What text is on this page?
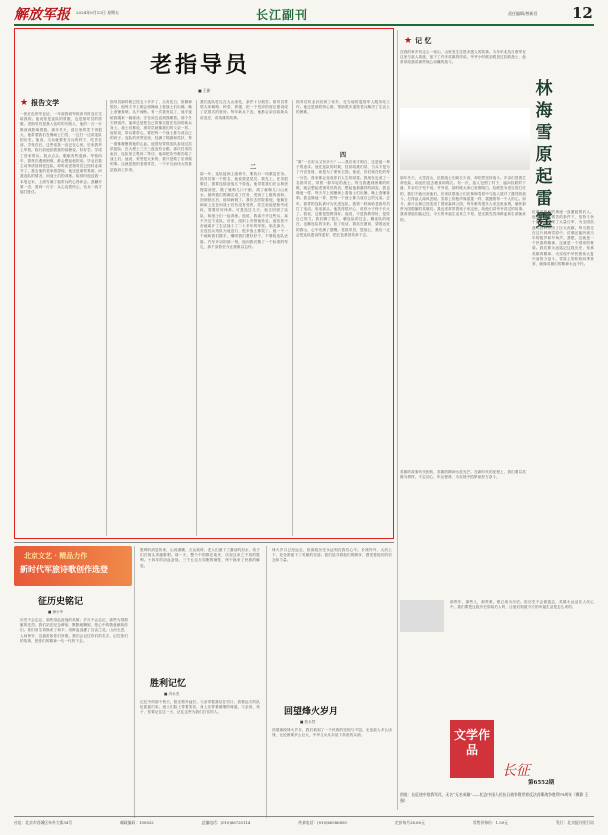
解放军报 2024年9月13日 星期五	长江副刊	责任编辑/曾新君 12
老指导员
■ 王新
★ 报告文学
一张红色的毕业证，一年前我到军校读书时连长交给我的。他说你是连队的骄傲，也是指导员的骄傲。老指导员是我入伍时的引路人，他的一言一行都深深影响着我。那年冬天，营区里的雪下得很大，他带着我们在操场上扫雪，一边扫一边讲连队的历史。他说，当兵就要有当兵的样子，吃苦在前，享受在后。这些话我一直记在心里。后来我考上军校，临行前他拍着我的肩膀说，好好学，学成了回来带兵。我点点头，眼眶有些湿润。军校四年，我每次遇到困难，都会想起他的话。毕业后我主动申请回到老连队，却听说老指导员已经转业离开了。我去他的老家看望他，他还是那样爽朗，问我连队的情况，问战士们的训练。临别时他送我一本笔记本，上面写满了他带兵的心得体会。我翻开第一页，看到一行字：兵心连着民心，官兵一致才能打胜仗。
指导员那时候已经五十多岁了，头发花白，但精神很好。他每天早上都会到操场上看战士们出操，晚上查铺查哨，从不间断。有一次我发烧了，他半夜给我端来一碗姜汤，守在床边直到我睡着。那个冬天特别冷，他却总是把自己的棉衣披在站岗的新兵身上。战士们都说，指导员就像我们的父亲一样。他常说，带兵要带心，要把每一个战士都当成自己的孩子。连队的荣誉室里，挂满了锦旗和奖状，每一面都凝聚着他的心血。他曾经带领连队参加过抗洪抢险，在大堤上三天三夜没有合眼。那次任务结束后，连队荣立集体二等功，他却把功劳都归给了战士们。他说，荣誉是大家的，我只是做了应该做的事。这就是我的老指导员，一个平凡而伟大的基层政治工作者。	二
我们连队驻扎在大山深处，条件十分艰苦。指导员带领大家修路、种菜、养猪，把一个荒凉的营区建设成了花园式的营房。每年新兵下连，他都会亲自给新兵讲连史，讲英雄的故事。
那一年，连队接到上级命令，要执行一项紧急任务。指导员第一个报名，他说我是党员，我先上。任务很艰巨，需要连续奋战几个昼夜。他带着我们在山林里搜索前进，饿了就啃几口干粮，渴了就喝几口山泉水。最终我们圆满完成了任务，受到了上级的表彰。回到营区后，他却病倒了。我们去医院看他，他躺在病床上还在问战士们有没有受伤。医生说他是积劳成疾，需要好好休养。可是没过几天，他又回到了连队，和战士们一起训练。他说，我离不开这些兵，离不开这个连队。后来，组织上安排他转业，他依依不舍地离开了生活战斗了二十多年的军营。临走那天，全连官兵列队为他送行，很多战士都哭了。他一个一个地和我们握手，嘱咐我们要好好干，不要给连队丢脸。汽车开动的那一刻，他向我们敬了一个标准的军礼，那个身影至今让我难以忘怀。
四
指导员转业后回到了家乡，在当地的退役军人服务站工作。他还是那样热心肠，帮助很多退役老兵解决了生活上的困难。
“做”一名好兵又有多少？——我后来才明白，这是他一辈子的追求。他在连队的时候，经常给我们讲，当兵不是为了升官发财，而是为了保家卫国。他说，你们现在吃的每一分苦，将来都会变成你们人生的财富。我现在也成了一名指导员，带着一群年轻的战士。每当我遇到困难的时候，就会想起老指导员的话，想起他那慈祥的面容。我也像他一样，每天早上到操场上看战士们出操，晚上查铺查哨。我也像他一样，把每一个战士都当成自己的兄弟。去年，我带的连队被评为先进连队，我第一时间给老指导员打了电话。电话那头，他笑得很开心，说你小子终于长大了。我说，这都是您教得好。他说，不是我教得好，是你自己努力。我们聊了很久，聊连队的过去，聊连队的现在，也聊连队的未来。挂了电话，我站在窗前，望着远处的群山，心中充满了感慨。老指导员，您放心，我们一定会把连队建设得更好，把红色基因传承下去。
★ 记 忆
林海雪原起雷霆
在我的家乡有这么一座山，山里发生过很多感人的故事。当年东北抗日联军在这里与敌人周旋，留下了许多英雄的传说。爷爷小时候亲眼见过抗联战士，他常常给我讲那些惊心动魄的战斗。
那年冬天，大雪封山，抗联战士们缺衣少食，却依然坚持战斗。乡亲们冒着生命危险，给他们送去粮食和棉衣。有一次，敌人包围了村子，逼问抗联的下落，乡亲们宁死不说。爷爷说，那时候大家心里都明白，抗联是为老百姓打仗的，我们不能出卖他们。后来抗联战士们在林海雪原中与敌人展开了激烈的战斗，打得敌人闻风丧胆。雪原上的枪声像雷霆一样，震撼着每一个人的心。如今，那片山林已经变成了国家森林公园，每年都有很多人来这里参观，缅怀那些为国捐躯的英雄们。我也常常带着孩子来这里，给他们讲爷爷讲过的故事。我希望他们能记住，今天的幸福生活来之不易，是无数先烈用鲜血和生命换来的。
抗联英雄们的事迹一直激励着后人。他们在极其艰苦的条件下，坚持斗争十四年，牵制了大量日军，为全国抗战的胜利作出了巨大贡献。每当我走在这片林海雪原中，仿佛还能听到当年的枪声和号角声。我想，这就是一个民族的精神，这就是一个国家的脊梁。我们要永远铭记这段历史，传承英雄的精神，为实现中华民族伟大复兴而努力奋斗。雪原上的松柏四季常青，就像英雄们的精神永远不朽。
北京文艺 · 精品力作
新时代军旅诗歌创作选登
征历史铭记
■ 徐小中
历史不会忘记，那些浴血奋战的英雄；岁月不会忘记，那些为国捐躯的先烈。我们站在纪念碑前，默默地鞠躬，把心中的敬意献给你们。你们用生命换来了和平，用鲜血浇灌了自由之花。山河无恙，人间皆安，这盛世如你们所愿。我们会记住你们的名字，记住你们的故事，把你们的精神一代一代传下去。
胜利的消息传来，山河沸腾，万众欢呼。老人们流下了激动的泪水，孩子们在街头奔跑歌唱。那一天，整个中国都在欢庆，庆祝这来之不易的胜利。十四年的浴血奋战，三千五百万同胞的牺牲，终于换来了民族的解放。
胜利记忆
■ 冯永杰
记忆中的那个秋天，阳光格外灿烂。父亲带着我站在村口，看着远方的队伍凯旋归来。战士们脸上带着笑容，身上还带着硝烟的味道。父亲说，孩子，你要记住这一天，记住这些为我们打仗的人。
烽火岁月已经远去，但那段历史永远刻在我们心中。长城内外，大河上下，处处都留下了英雄的足迹。我们追寻着他们的脚步，感受着他们的信念和力量。
回望烽火岁月
■ 张永然
回望那段烽火岁月，我们看到了一个民族的坚韧与不屈。无论敌人多么凶残，无论困难多么巨大，中华儿女从未低下高贵的头颅。
英雄的故事代代相传，英雄的精神永放光芒。在新时代的征程上，我们要以英雄为榜样，不忘初心，牢记使命，为实现中国梦而努力奋斗。
那些年，那些人，那些事，都已成为历史。但历史不会被遗忘，英雄永远活在人民心中。我们要把这段历史讲给后人听，让他们知道今天的幸福生活是怎么来的。
文学作品
长征
第6552期
图说：长征途中敌我军民，无名“无名英雄”——纪念中国人民抗日战争暨世界反法西斯战争胜利79周年（摄影 王强）
社址：北京市西城区阜外大街34号	邮政编码：100832	总编电话：(010)66720114	传真电话：(010)66586850	定价每月28.60元	零售价每份：1.50元	发行：北京报刊发行局
